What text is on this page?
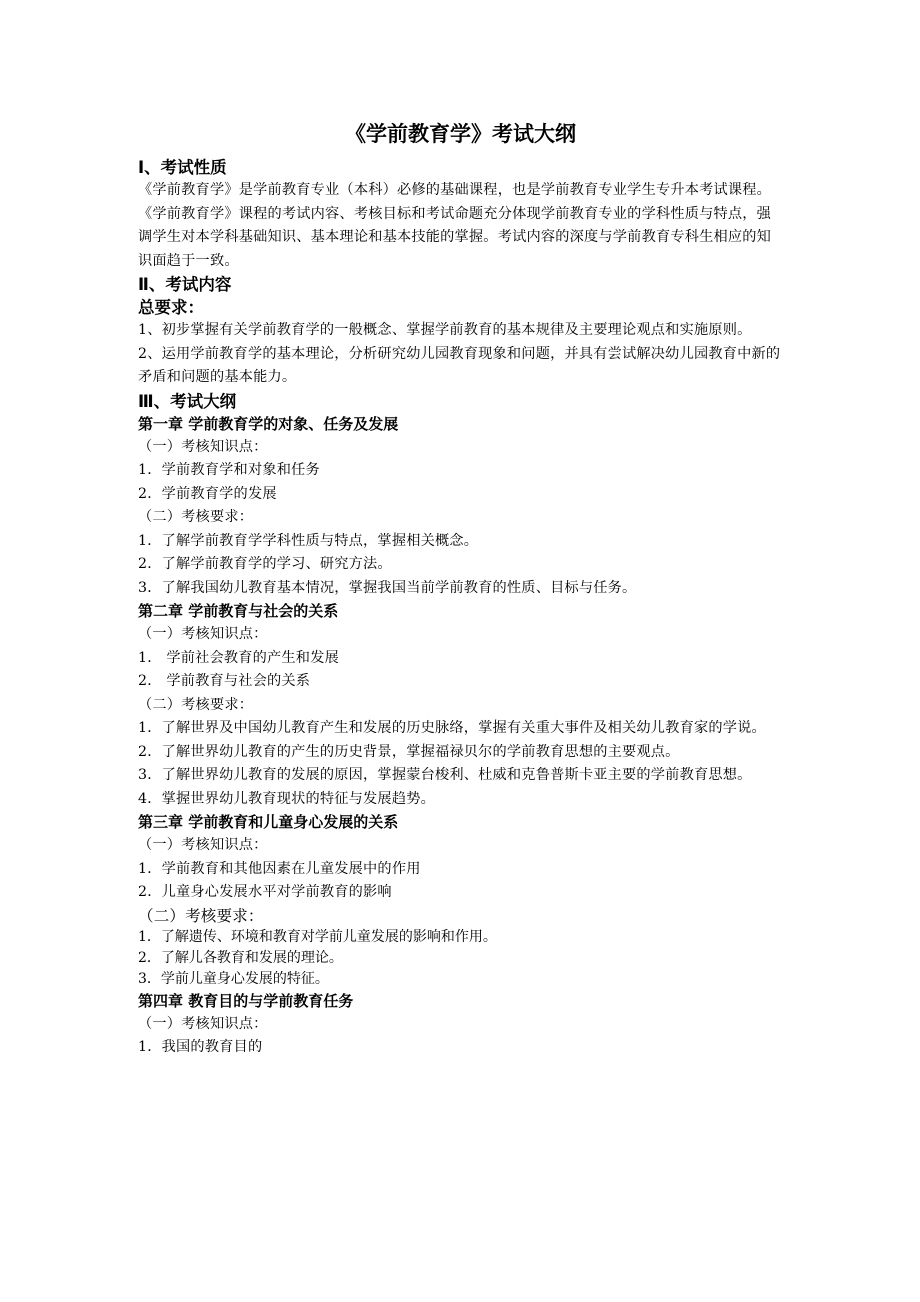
《学前教育学》考试大纲
Ⅰ、考试性质

《学前教育学》是学前教育专业（本科）必修的基础课程，也是学前教育专业学生专升本考试课程。

《学前教育学》课程的考试内容、考核目标和考试命题充分体现学前教育专业的学科性质与特点，强调学生对本学科基础知识、基本理论和基本技能的掌握。考试内容的深度与学前教育专科生相应的知识面趋于一致。

Ⅱ、考试内容
总要求：

1、初步掌握有关学前教育学的一般概念、掌握学前教育的基本规律及主要理论观点和实施原则。

2、运用学前教育学的基本理论，分析研究幼儿园教育现象和问题，并具有尝试解决幼儿园教育中新的矛盾和问题的基本能力。

Ⅲ、考试大纲
第一章 学前教育学的对象、任务及发展

（一）考核知识点：

1．学前教育学和对象和任务

2．学前教育学的发展

（二）考核要求：

1．了解学前教育学学科性质与特点，掌握相关概念。

2．了解学前教育学的学习、研究方法。

3．了解我国幼儿教育基本情况，掌握我国当前学前教育的性质、目标与任务。

第二章 学前教育与社会的关系

（一）考核知识点：

1． 学前社会教育的产生和发展

2． 学前教育与社会的关系

（二）考核要求：

1．了解世界及中国幼儿教育产生和发展的历史脉络，掌握有关重大事件及相关幼儿教育家的学说。

2．了解世界幼儿教育的产生的历史背景，掌握福禄贝尔的学前教育思想的主要观点。

3．了解世界幼儿教育的发展的原因，掌握蒙台梭利、杜威和克鲁普斯卡亚主要的学前教育思想。

4．掌握世界幼儿教育现状的特征与发展趋势。

第三章 学前教育和儿童身心发展的关系

（一）考核知识点：

1．学前教育和其他因素在儿童发展中的作用

2．儿童身心发展水平对学前教育的影响

（二）考核要求：

1．了解遗传、环境和教育对学前儿童发展的影响和作用。

2．了解儿各教育和发展的理论。

3．学前儿童身心发展的特征。

第四章 教育目的与学前教育任务

（一）考核知识点：

1．我国的教育目的
